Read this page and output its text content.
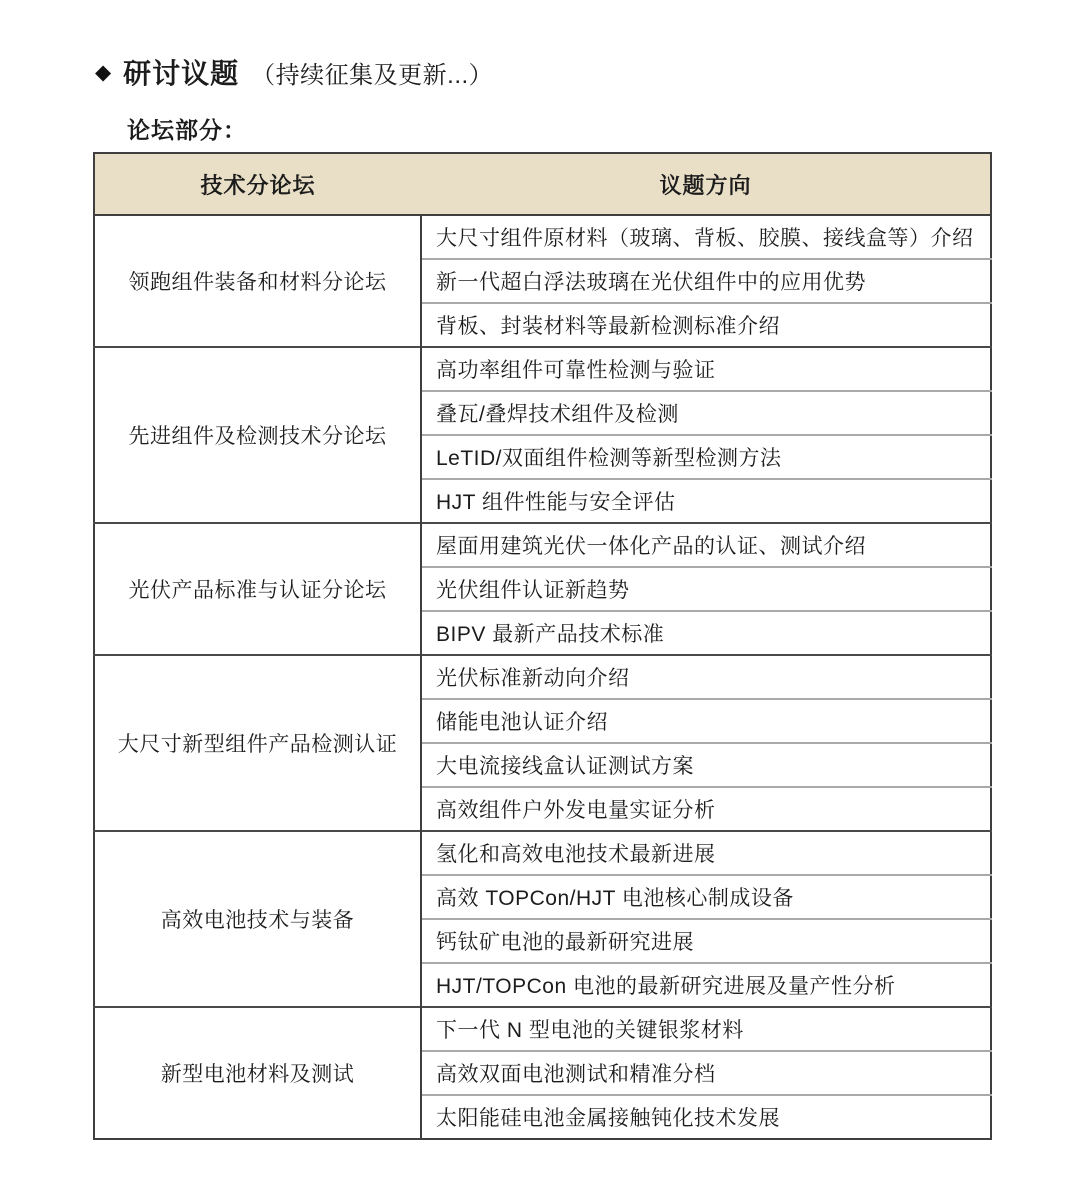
◆ 研讨议题 （持续征集及更新...）
论坛部分：
技术分论坛	议题方向
领跑组件装备和材料分论坛	大尺寸组件原材料（玻璃、背板、胶膜、接线盒等）介绍
	新一代超白浮法玻璃在光伏组件中的应用优势
	背板、封装材料等最新检测标准介绍
先进组件及检测技术分论坛	高功率组件可靠性检测与验证
	叠瓦/叠焊技术组件及检测
	LeTID/双面组件检测等新型检测方法
	HJT 组件性能与安全评估
光伏产品标准与认证分论坛	屋面用建筑光伏一体化产品的认证、测试介绍
	光伏组件认证新趋势
	BIPV 最新产品技术标准
大尺寸新型组件产品检测认证	光伏标准新动向介绍
	储能电池认证介绍
	大电流接线盒认证测试方案
	高效组件户外发电量实证分析
高效电池技术与装备	氢化和高效电池技术最新进展
	高效 TOPCon/HJT 电池核心制成设备
	钙钛矿电池的最新研究进展
	HJT/TOPCon 电池的最新研究进展及量产性分析
新型电池材料及测试	下一代 N 型电池的关键银浆材料
	高效双面电池测试和精准分档
	太阳能硅电池金属接触钝化技术发展
